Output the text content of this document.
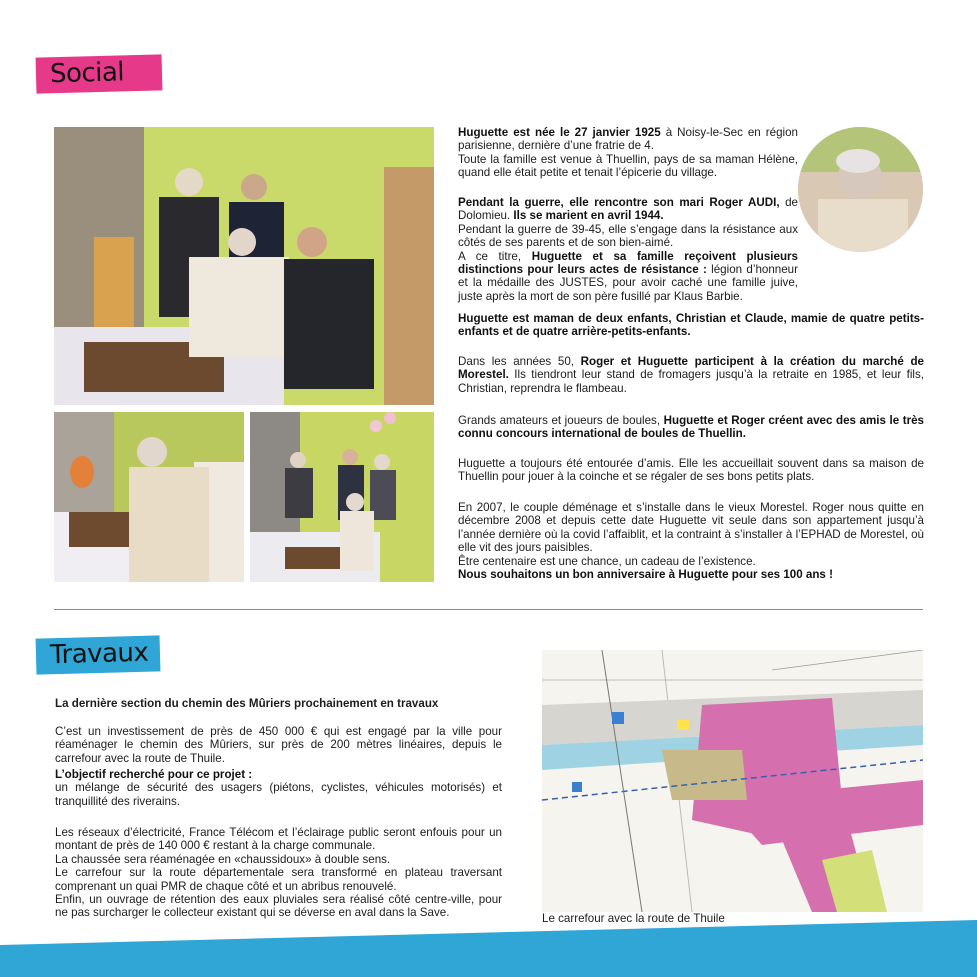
Social
Travaux
Huguette est née le 27 janvier 1925 à Noisy-le-Sec en région parisienne, dernière d’une fratrie de 4.
Toute la famille est venue à Thuellin, pays de sa maman Hélène, quand elle était petite et tenait l’épicerie du village.
Pendant la guerre, elle rencontre son mari Roger AUDI, de Dolomieu. Ils se marient en avril 1944.
Pendant la guerre de 39-45, elle s’engage dans la résistance aux côtés de ses parents et de son bien-aimé.
A ce titre, Huguette et sa famille reçoivent plusieurs distinctions pour leurs actes de résistance : légion d’honneur et la médaille des JUSTES, pour avoir caché une famille juive, juste après la mort de son père fusillé par Klaus Barbie.
Huguette est maman de deux enfants, Christian et Claude, mamie de quatre petits-enfants et de quatre arrière-petits-enfants.
Dans les années 50, Roger et Huguette participent à la création du marché de Morestel. Ils tiendront leur stand de fromagers jusqu’à la retraite en 1985, et leur fils, Christian, reprendra le flambeau.
Grands amateurs et joueurs de boules, Huguette et Roger créent avec des amis le très connu concours international de boules de Thuellin.
Huguette a toujours été entourée d’amis. Elle les accueillait souvent dans sa maison de Thuellin pour jouer à la coinche et se régaler de ses bons petits plats.
En 2007, le couple déménage et s’installe dans le vieux Morestel. Roger nous quitte en décembre 2008 et depuis cette date Huguette vit seule dans son appartement jusqu’à l’année dernière où la covid l’affaiblit, et la contraint à s’installer à l’EPHAD de Morestel, où elle vit des jours paisibles.
Être centenaire est une chance, un cadeau de l’existence.
Nous souhaitons un bon anniversaire à Huguette pour ses 100 ans !
La dernière section du chemin des Mûriers prochainement en travaux
C’est un investissement de près de 450 000 € qui est engagé par la ville pour réaménager le chemin des Mûriers, sur près de 200 mètres linéaires, depuis le carrefour avec la route de Thuile.
L’objectif recherché pour ce projet :
un mélange de sécurité des usagers (piétons, cyclistes, véhicules motorisés) et tranquillité des riverains.
Les réseaux d’électricité, France Télécom et l’éclairage public seront enfouis pour un montant de près de 140 000 € restant à la charge communale.
La chaussée sera réaménagée en «chaussidoux» à double sens.
Le carrefour sur la route départementale sera transformé en plateau traversant comprenant un quai PMR de chaque côté et un abribus renouvelé.
Enfin, un ouvrage de rétention des eaux pluviales sera réalisé côté centre-ville, pour ne pas surcharger le collecteur existant qui se déverse en aval dans la Save.	Le carrefour avec la route de Thuile
